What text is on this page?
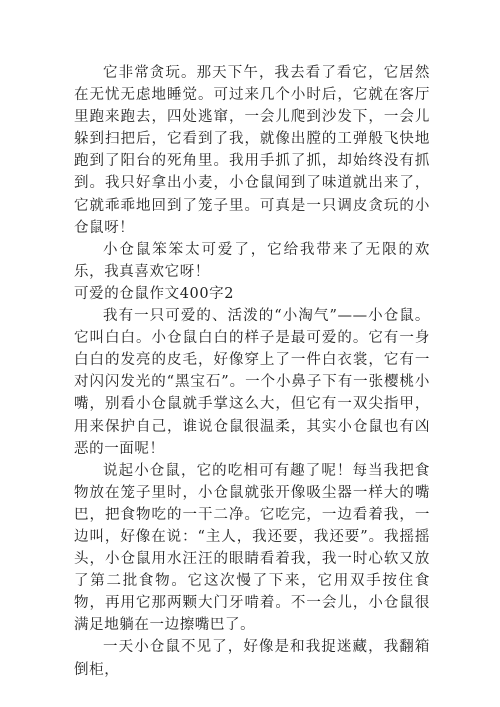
它非常贪玩。那天下午，我去看了看它，它居然在无忧无虑地睡觉。可过来几个小时后，它就在客厅里跑来跑去，四处逃窜，一会儿爬到沙发下，一会儿躲到扫把后，它看到了我，就像出膛的工弹般飞快地跑到了阳台的死角里。我用手抓了抓，却始终没有抓到。我只好拿出小麦，小仓鼠闻到了味道就出来了，它就乖乖地回到了笼子里。可真是一只调皮贪玩的小仓鼠呀！

小仓鼠笨笨太可爱了，它给我带来了无限的欢乐，我真喜欢它呀！

可爱的仓鼠作文400字2

我有一只可爱的、活泼的“小淘气”——小仓鼠。它叫白白。小仓鼠白白的样子是最可爱的。它有一身白白的发亮的皮毛，好像穿上了一件白衣裳，它有一对闪闪发光的“黑宝石”。一个小鼻子下有一张樱桃小嘴，别看小仓鼠就手掌这么大，但它有一双尖指甲，用来保护自己，谁说仓鼠很温柔，其实小仓鼠也有凶恶的一面呢！

说起小仓鼠，它的吃相可有趣了呢！每当我把食物放在笼子里时，小仓鼠就张开像吸尘器一样大的嘴巴，把食物吃的一干二净。它吃完，一边看着我，一边叫，好像在说：“主人，我还要，我还要”。我摇摇头，小仓鼠用水汪汪的眼睛看着我，我一时心软又放了第二批食物。它这次慢了下来，它用双手按住食物，再用它那两颗大门牙啃着。不一会儿，小仓鼠很满足地躺在一边擦嘴巴了。

一天小仓鼠不见了，好像是和我捉迷藏，我翻箱倒柜，
